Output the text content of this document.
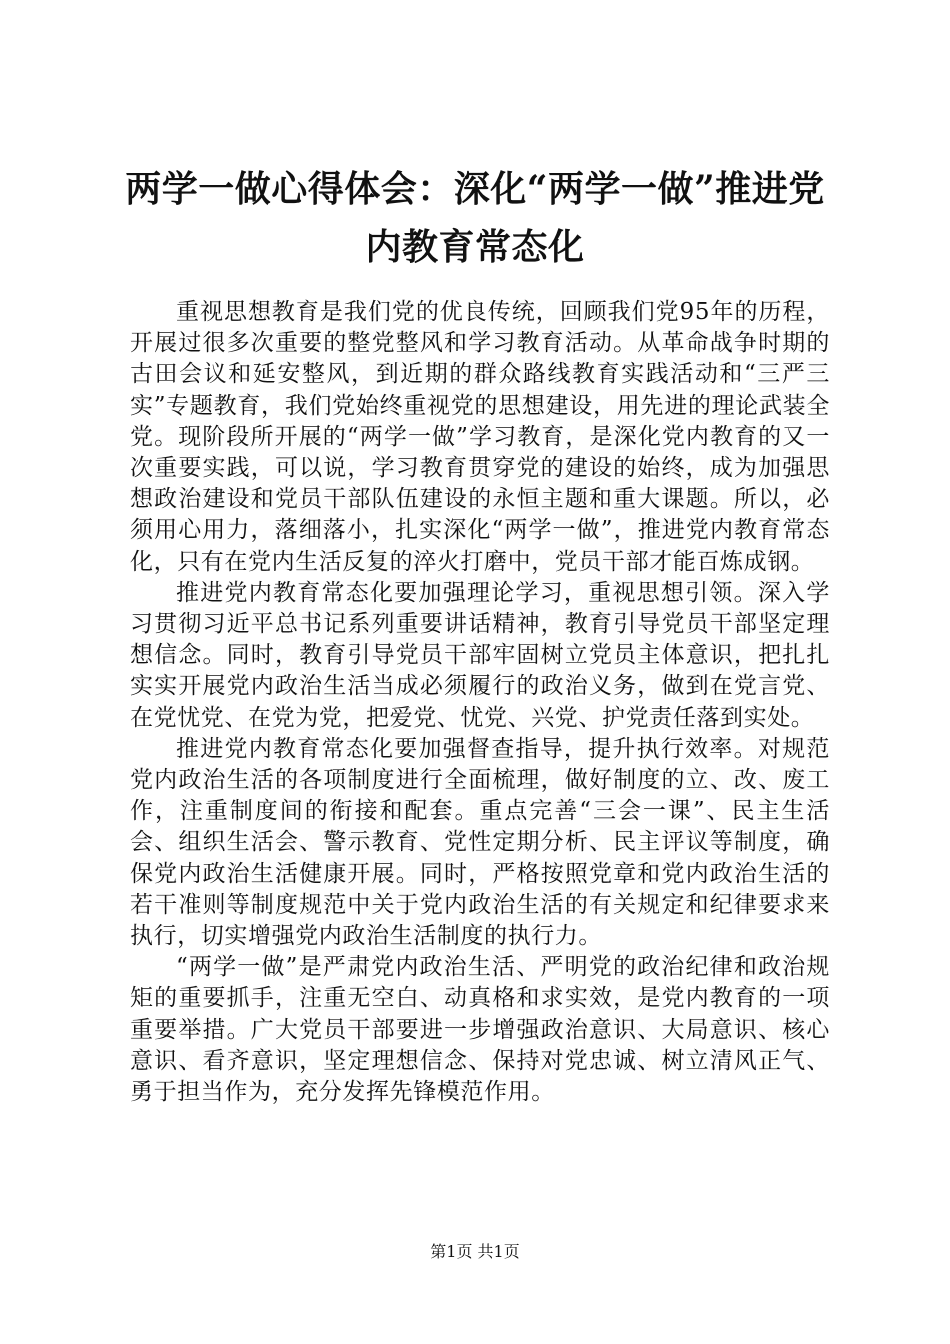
两学一做心得体会：深化“两学一做”推进党内教育常态化

重视思想教育是我们党的优良传统，回顾我们党95年的历程，开展过很多次重要的整党整风和学习教育活动。从革命战争时期的古田会议和延安整风，到近期的群众路线教育实践活动和“三严三实”专题教育，我们党始终重视党的思想建设，用先进的理论武装全党。现阶段所开展的“两学一做”学习教育，是深化党内教育的又一次重要实践，可以说，学习教育贯穿党的建设的始终，成为加强思想政治建设和党员干部队伍建设的永恒主题和重大课题。所以，必须用心用力，落细落小，扎实深化“两学一做”，推进党内教育常态化，只有在党内生活反复的淬火打磨中，党员干部才能百炼成钢。

推进党内教育常态化要加强理论学习，重视思想引领。深入学习贯彻习近平总书记系列重要讲话精神，教育引导党员干部坚定理想信念。同时，教育引导党员干部牢固树立党员主体意识，把扎扎实实开展党内政治生活当成必须履行的政治义务，做到在党言党、在党忧党、在党为党，把爱党、忧党、兴党、护党责任落到实处。

推进党内教育常态化要加强督查指导，提升执行效率。对规范党内政治生活的各项制度进行全面梳理，做好制度的立、改、废工作，注重制度间的衔接和配套。重点完善“三会一课”、民主生活会、组织生活会、警示教育、党性定期分析、民主评议等制度，确保党内政治生活健康开展。同时，严格按照党章和党内政治生活的若干准则等制度规范中关于党内政治生活的有关规定和纪律要求来执行，切实增强党内政治生活制度的执行力。

“两学一做”是严肃党内政治生活、严明党的政治纪律和政治规矩的重要抓手，注重无空白、动真格和求实效，是党内教育的一项重要举措。广大党员干部要进一步增强政治意识、大局意识、核心意识、看齐意识，坚定理想信念、保持对党忠诚、树立清风正气、勇于担当作为，充分发挥先锋模范作用。

第1页 共1页
